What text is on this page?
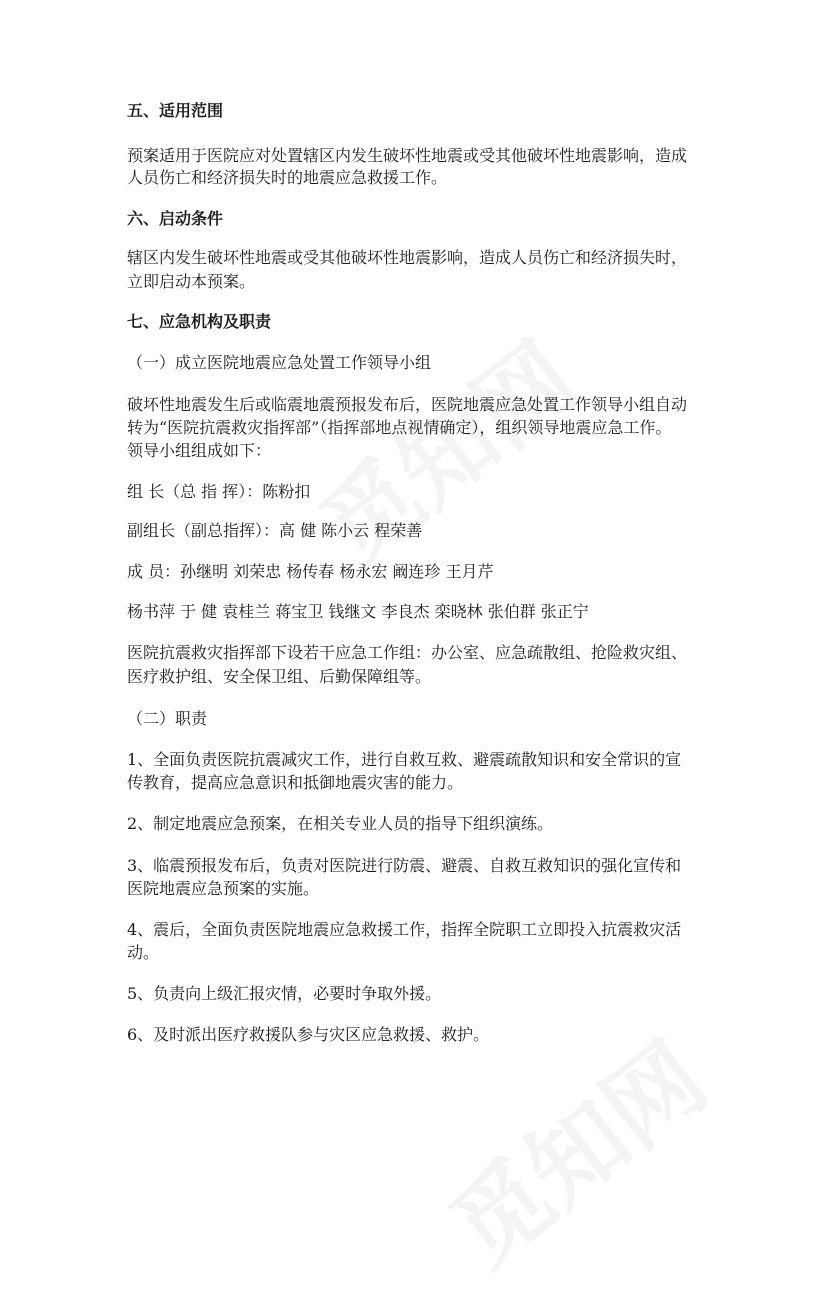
五、适用范围
预案适用于医院应对处置辖区内发生破坏性地震或受其他破坏性地震影响，造成
人员伤亡和经济损失时的地震应急救援工作。
六、启动条件
辖区内发生破坏性地震或受其他破坏性地震影响，造成人员伤亡和经济损失时，
立即启动本预案。
七、应急机构及职责
（一）成立医院地震应急处置工作领导小组
破坏性地震发生后或临震地震预报发布后，医院地震应急处置工作领导小组自动
转为“医院抗震救灾指挥部”（指挥部地点视情确定），组织领导地震应急工作。
领导小组组成如下：
组 长（总 指 挥）：陈粉扣
副组长（副总指挥）：高 健 陈小云 程荣善
成 员：孙继明 刘荣忠 杨传春 杨永宏 阚连珍 王月芹
杨书萍 于 健 袁桂兰 蒋宝卫 钱继文 李良杰 栾晓林 张伯群 张正宁
医院抗震救灾指挥部下设若干应急工作组：办公室、应急疏散组、抢险救灾组、
医疗救护组、安全保卫组、后勤保障组等。
（二）职责
1、全面负责医院抗震减灾工作，进行自救互救、避震疏散知识和安全常识的宣
传教育，提高应急意识和抵御地震灾害的能力。
2、制定地震应急预案，在相关专业人员的指导下组织演练。
3、临震预报发布后，负责对医院进行防震、避震、自救互救知识的强化宣传和
医院地震应急预案的实施。
4、震后，全面负责医院地震应急救援工作，指挥全院职工立即投入抗震救灾活
动。
5、负责向上级汇报灾情，必要时争取外援。
6、及时派出医疗救援队参与灾区应急救援、救护。
